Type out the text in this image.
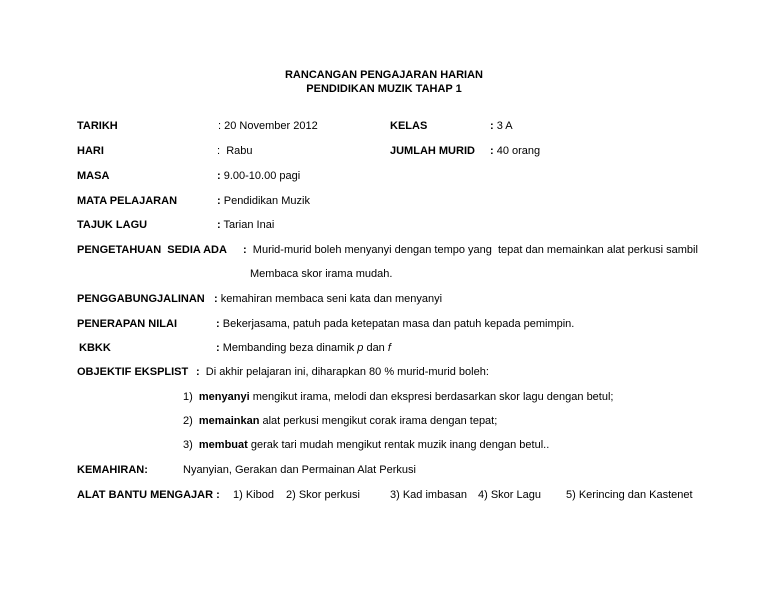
RANCANGAN PENGAJARAN HARIAN
PENDIDIKAN MUZIK TAHAP 1
TARIKH	: 20 November 2012	KELAS	: 3 A
HARI	: Rabu	JUMLAH MURID : 40 orang
MASA	: 9.00-10.00 pagi
MATA PELAJARAN	: Pendidikan Muzik
TAJUK LAGU	: Tarian Inai
PENGETAHUAN  SEDIA ADA : Murid-murid boleh menyanyi dengan tempo yang  tepat dan memainkan alat perkusi sambil
Membaca skor irama mudah.
PENGGABUNGJALINAN : kemahiran membaca seni kata dan menyanyi
PENERAPAN NILAI	: Bekerjasama, patuh pada ketepatan masa dan patuh kepada pemimpin.
KBKK	: Membanding beza dinamik p dan f
OBJEKTIF EKSPLIST : Di akhir pelajaran ini, diharapkan 80 % murid-murid boleh:
1) menyanyi mengikut irama, melodi dan ekspresi berdasarkan skor lagu dengan betul;
2) memainkan alat perkusi mengikut corak irama dengan tepat;
3) membuat gerak tari mudah mengikut rentak muzik inang dengan betul..
KEMAHIRAN:	Nyanyian, Gerakan dan Permainan Alat Perkusi
ALAT BANTU MENGAJAR : 1) Kibod 2) Skor perkusi	3) Kad imbasan 4) Skor Lagu 5) Kerincing dan Kastenet
